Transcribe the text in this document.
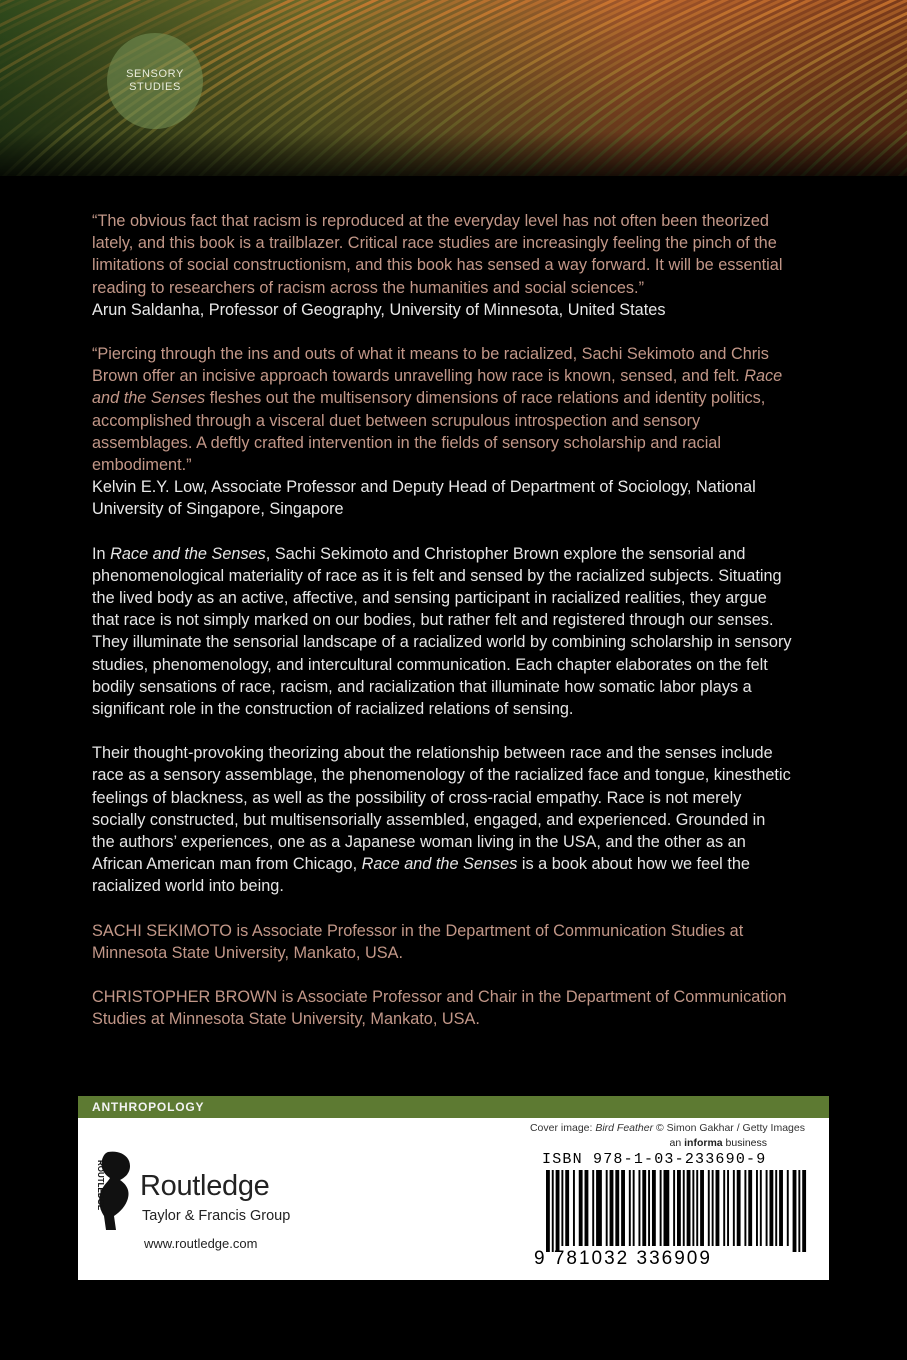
SENSORY
STUDIES

“The obvious fact that racism is reproduced at the everyday level has not often been theorized lately, and this book is a trailblazer. Critical race studies are increasingly feeling the pinch of the limitations of social constructionism, and this book has sensed a way forward. It will be essential reading to researchers of racism across the humanities and social sciences.”

Arun Saldanha, Professor of Geography, University of Minnesota, United States

“Piercing through the ins and outs of what it means to be racialized, Sachi Sekimoto and Chris Brown offer an incisive approach towards unravelling how race is known, sensed, and felt. Race and the Senses fleshes out the multisensory dimensions of race relations and identity politics, accomplished through a visceral duet between scrupulous introspection and sensory assemblages. A deftly crafted intervention in the fields of sensory scholarship and racial embodiment.”

Kelvin E.Y. Low, Associate Professor and Deputy Head of Department of Sociology, National University of Singapore, Singapore

In Race and the Senses, Sachi Sekimoto and Christopher Brown explore the sensorial and phenomenological materiality of race as it is felt and sensed by the racialized subjects. Situating the lived body as an active, affective, and sensing participant in racialized realities, they argue that race is not simply marked on our bodies, but rather felt and registered through our senses. They illuminate the sensorial landscape of a racialized world by combining scholarship in sensory studies, phenomenology, and intercultural communication. Each chapter elaborates on the felt bodily sensations of race, racism, and racialization that illuminate how somatic labor plays a significant role in the construction of racialized relations of sensing.

Their thought-provoking theorizing about the relationship between race and the senses include race as a sensory assemblage, the phenomenology of the racialized face and tongue, kinesthetic feelings of blackness, as well as the possibility of cross-racial empathy. Race is not merely socially constructed, but multisensorially assembled, engaged, and experienced. Grounded in the authors’ experiences, one as a Japanese woman living in the USA, and the other as an African American man from Chicago, Race and the Senses is a book about how we feel the racialized world into being.

SACHI SEKIMOTO is Associate Professor in the Department of Communication Studies at Minnesota State University, Mankato, USA.

CHRISTOPHER BROWN is Associate Professor and Chair in the Department of Communication Studies at Minnesota State University, Mankato, USA.

ANTHROPOLOGY
Cover image: Bird Feather © Simon Gakhar / Getty Images
an informa business
ROUTLEDGE Routledge
Taylor & Francis Group
www.routledge.com
ISBN 978-1-03-233690-9
9 781032 336909
